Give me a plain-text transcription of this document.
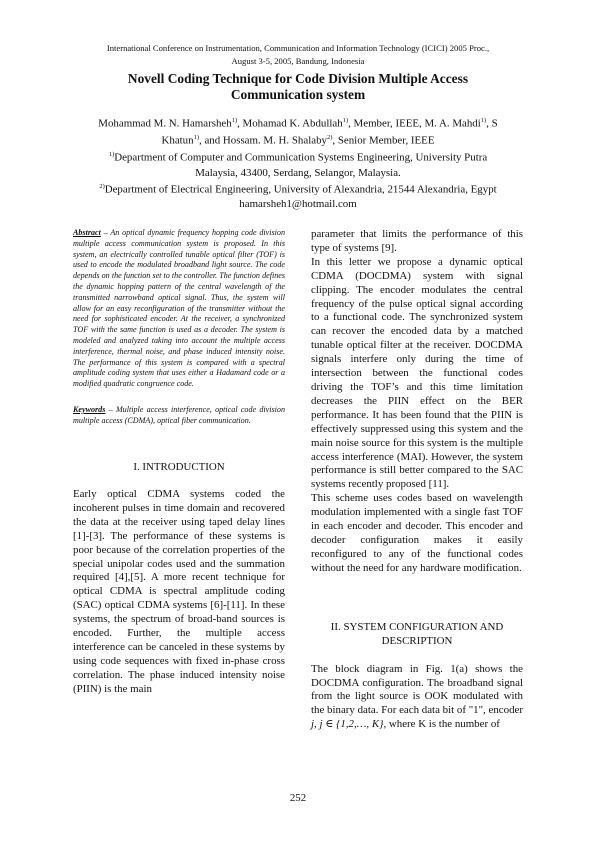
International Conference on Instrumentation, Communication and Information Technology (ICICI) 2005 Proc.,
August 3-5, 2005, Bandung, Indonesia
Novell Coding Technique for Code Division Multiple Access
Communication system
Mohammad M. N. Hamarsheh$^{1)}$, Mohamad K. Abdullah$^{1)}$, Member, IEEE, M. A. Mahdi$^{1)}$, S
Khatun$^{1)}$, and Hossam. M. H. Shalaby$^{2)}$, Senior Member, IEEE
$^{1)}$Department of Computer and Communication Systems Engineering, University Putra
Malaysia, 43400, Serdang, Selangor, Malaysia.
$^{2)}$Department of Electrical Engineering, University of Alexandria, 21544 Alexandria, Egypt
hamarsheh1@hotmail.com

Abstract – An optical dynamic frequency hopping code division multiple access communication system is proposed. In this system, an electrically controlled tunable optical filter (TOF) is used to encode the modulated broadband light source. The code depends on the function set to the controller. The function defines the dynamic hopping pattern of the central wavelength of the transmitted narrowband optical signal. Thus, the system will allow for an easy reconfiguration of the transmitter without the need for sophisticated encoder. At the receiver, a synchronized TOF with the same function is used as a decoder. The system is modeled and analyzed taking into account the multiple access interference, thermal noise, and phase induced intensity noise. The performance of this system is compared with a spectral amplitude coding system that uses either a Hadamard code or a modified quadratic congruence code.

Keywords – Multiple access interference, optical code division multiple access (CDMA), optical fiber communication.

I. INTRODUCTION

Early optical CDMA systems coded the incoherent pulses in time domain and recovered the data at the receiver using taped delay lines [1]-[3]. The performance of these systems is poor because of the correlation properties of the special unipolar codes used and the summation required [4],[5]. A more recent technique for optical CDMA is spectral amplitude coding (SAC) optical CDMA systems [6]-[11]. In these systems, the spectrum of broad-band sources is encoded. Further, the multiple access interference can be canceled in these systems by using code sequences with fixed in-phase cross correlation. The phase induced intensity noise (PIIN) is the main

parameter that limits the performance of this type of systems [9].

In this letter we propose a dynamic optical CDMA (DOCDMA) system with signal clipping. The encoder modulates the central frequency of the pulse optical signal according to a functional code. The synchronized system can recover the encoded data by a matched tunable optical filter at the receiver. DOCDMA signals interfere only during the time of intersection between the functional codes driving the TOF’s and this time limitation decreases the PIIN effect on the BER performance. It has been found that the PIIN is effectively suppressed using this system and the main noise source for this system is the multiple access interference (MAI). However, the system performance is still better compared to the SAC systems recently proposed [11].

This scheme uses codes based on wavelength modulation implemented with a single fast TOF in each encoder and decoder. This encoder and decoder configuration makes it easily reconfigured to any of the functional codes without the need for any hardware modification.

II. SYSTEM CONFIGURATION AND
DESCRIPTION

The block diagram in Fig. 1(a) shows the DOCDMA configuration. The broadband signal from the light source is OOK modulated with the binary data. For each data bit of "1", encoder j, j ∈ {1,2,…, K}, where K is the number of

252
